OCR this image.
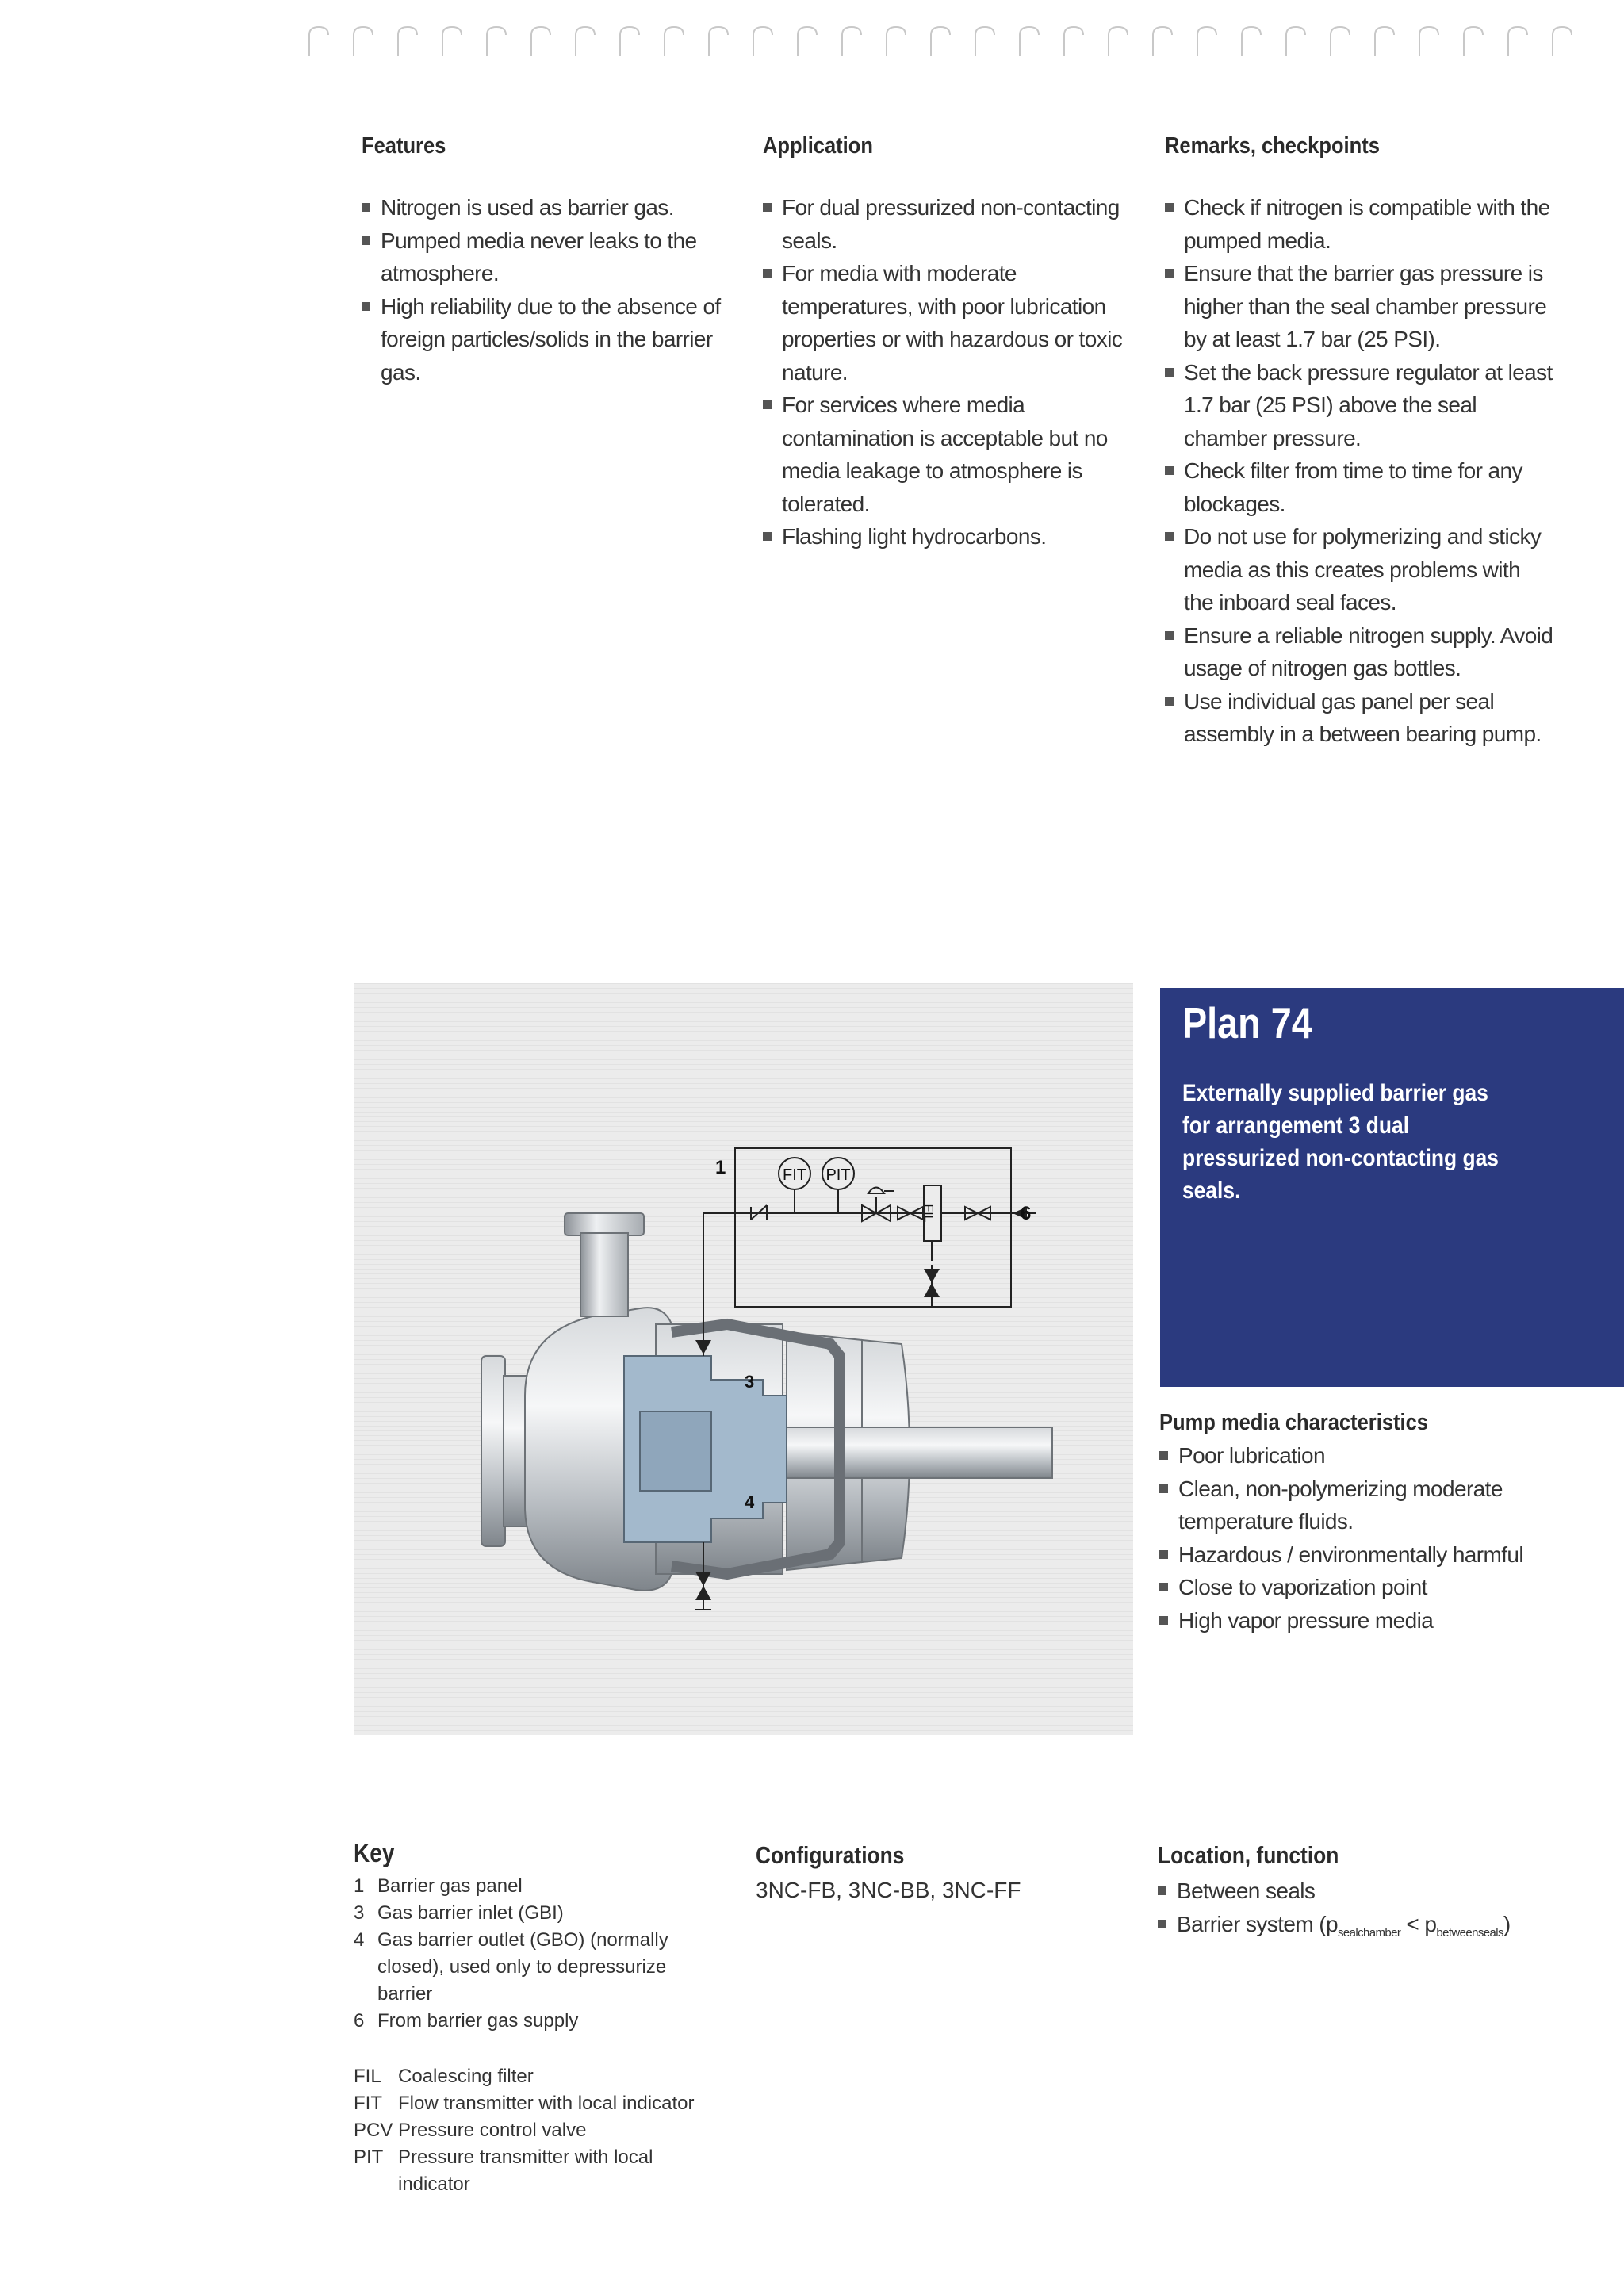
Features
Nitrogen is used as barrier gas.
Pumped media never leaks to the atmosphere.
High reliability due to the absence of foreign particles/solids in the barrier gas.
Application
For dual pressurized non-contacting seals.
For media with moderate temperatures, with poor lubrication properties or with hazardous or toxic nature.
For services where media contamination is acceptable but no media leakage to atmosphere is tolerated.
Flashing light hydrocarbons.
Remarks, checkpoints
Check if nitrogen is compatible with the pumped media.
Ensure that the barrier gas pressure is higher than the seal chamber pressure by at least 1.7 bar (25 PSI).
Set the back pressure regulator at least 1.7 bar (25 PSI) above the seal chamber pressure.
Check filter from time to time for any blockages.
Do not use for polymerizing and sticky media as this creates problems with the inboard seal faces.
Ensure a reliable nitrogen supply. Avoid usage of nitrogen gas bottles.
Use individual gas panel per seal assembly in a between bearing pump.
FIT PIT
FIL
1
3
4
6
Plan 74
Externally supplied barrier gas for arrangement 3 dual pressurized non-contacting gas seals.
Pump media characteristics
Poor lubrication
Clean, non-polymerizing moderate temperature fluids.
Hazardous / environmentally harmful
Close to vaporization point
High vapor pressure media
Key
1 Barrier gas panel
3 Gas barrier inlet (GBI)
4 Gas barrier outlet (GBO) (normally closed), used only to depressurize barrier
6 From barrier gas supply
FIL Coalescing filter
FIT Flow transmitter with local indicator
PCV Pressure control valve
PIT Pressure transmitter with local indicator
Configurations
3NC-FB, 3NC-BB, 3NC-FF
Location, function
Between seals
Barrier system $(p_{sealchamber} < p_{betweenseals})$
